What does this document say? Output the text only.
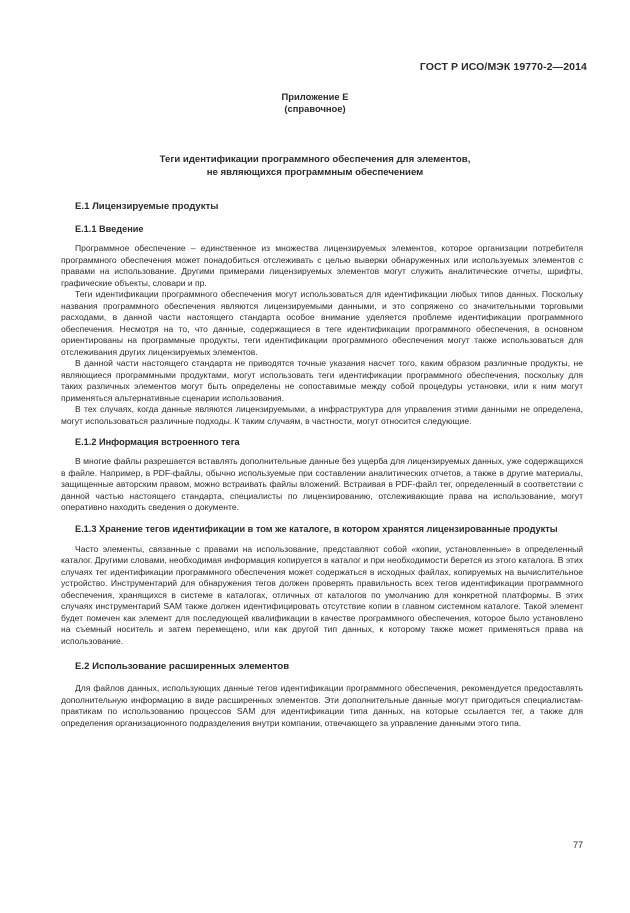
ГОСТ Р ИСО/МЭК 19770-2—2014
Приложение Е
(справочное)
Теги идентификации программного обеспечения для элементов,
не являющихся программным обеспечением
Е.1 Лицензируемые продукты
Е.1.1 Введение

Программное обеспечение – единственное из множества лицензируемых элементов, которое организации потребителя программного обеспечения может понадобиться отслеживать с целью выверки обнаруженных или используемых элементов с правами на использование. Другими примерами лицензируемых элементов могут служить аналитические отчеты, шрифты, графические объекты, словари и пр.

Теги идентификации программного обеспечения могут использоваться для идентификации любых типов данных. Поскольку названия программного обеспечения являются лицензируемыми данными, и это сопряжено со значительными торговыми расходами, в данной части настоящего стандарта особое внимание уделяется проблеме идентификации программного обеспечения. Несмотря на то, что данные, содержащиеся в теге идентификации программного обеспечения, в основном ориентированы на программные продукты, теги идентификации программного обеспечения могут также использоваться для отслеживания других лицензируемых элементов.

В данной части настоящего стандарта не приводятся точные указания насчет того, каким образом различные продукты, не являющиеся программными продуктами, могут использовать теги идентификации программного обеспечения, поскольку для таких различных элементов могут быть определены не сопоставимые между собой процедуры установки, или к ним могут применяться альтернативные сценарии использования.

В тех случаях, когда данные являются лицензируемыми, а инфраструктура для управления этими данными не определена, могут использоваться различные подходы. К таким случаям, в частности, могут относится следующие.

Е.1.2 Информация встроенного тега

В многие файлы разрешается вставлять дополнительные данные без ущерба для лицензируемых данных, уже содержащихся в файле. Например, в PDF-файлы, обычно используемые при составлении аналитических отчетов, а также в другие материалы, защищенные авторским правом, можно встраивать файлы вложений. Встраивая в PDF-файл тег, определенный в соответствии с данной частью настоящего стандарта, специалисты по лицензированию, отслеживающие права на использование, могут оперативно находить сведения о документе.

Е.1.3 Хранение тегов идентификации в том же каталоге, в котором хранятся лицензированные продукты

Часто элементы, связанные с правами на использование, представляют собой «копии, установленные» в определенный каталог. Другими словами, необходимая информация копируется в каталог и при необходимости берется из этого каталога. В этих случаях тег идентификации программного обеспечения может содержаться в исходных файлах, копируемых на вычислительное устройство. Инструментарий для обнаружения тегов должен проверять правильность всех тегов идентификации программного обеспечения, хранящихся в системе в каталогах, отличных от каталогов по умолчанию для конкретной платформы. В этих случаях инструментарий SAM также должен идентифицировать отсутствие копии в главном системном каталоге. Такой элемент будет помечен как элемент для последующей квалификации в качестве программного обеспечения, которое было установлено на съемный носитель и затем перемещено, или как другой тип данных, к которому также может применяться права на использование.

Е.2 Использование расширенных элементов

Для файлов данных, использующих данные тегов идентификации программного обеспечения, рекомендуется предоставлять дополнительную информацию в виде расширенных элементов. Эти дополнительные данные могут пригодиться специалистам-практикам по использованию процессов SAM для идентификации типа данных, на которые ссылается тег, а также для определения организационного подразделения внутри компании, отвечающего за управление данными этого типа.

77
